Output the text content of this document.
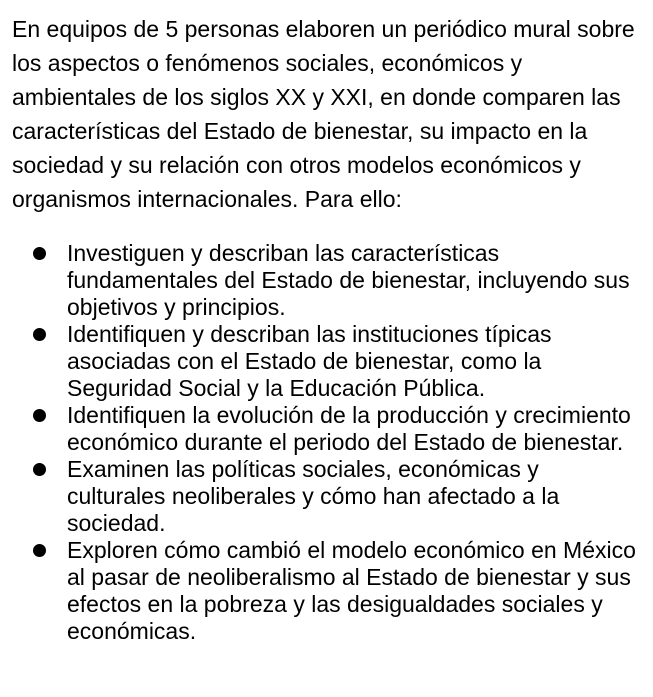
En equipos de 5 personas elaboren un periódico mural sobre los aspectos o fenómenos sociales, económicos y ambientales de los siglos XX y XXI, en donde comparen las características del Estado de bienestar, su impacto en la sociedad y su relación con otros modelos económicos y organismos internacionales. Para ello:

Investiguen y describan las características fundamentales del Estado de bienestar, incluyendo sus objetivos y principios.
Identifiquen y describan las instituciones típicas asociadas con el Estado de bienestar, como la Seguridad Social y la Educación Pública.
Identifiquen la evolución de la producción y crecimiento económico durante el periodo del Estado de bienestar.
Examinen las políticas sociales, económicas y culturales neoliberales y cómo han afectado a la sociedad.
Exploren cómo cambió el modelo económico en México al pasar de neoliberalismo al Estado de bienestar y sus efectos en la pobreza y las desigualdades sociales y económicas.
